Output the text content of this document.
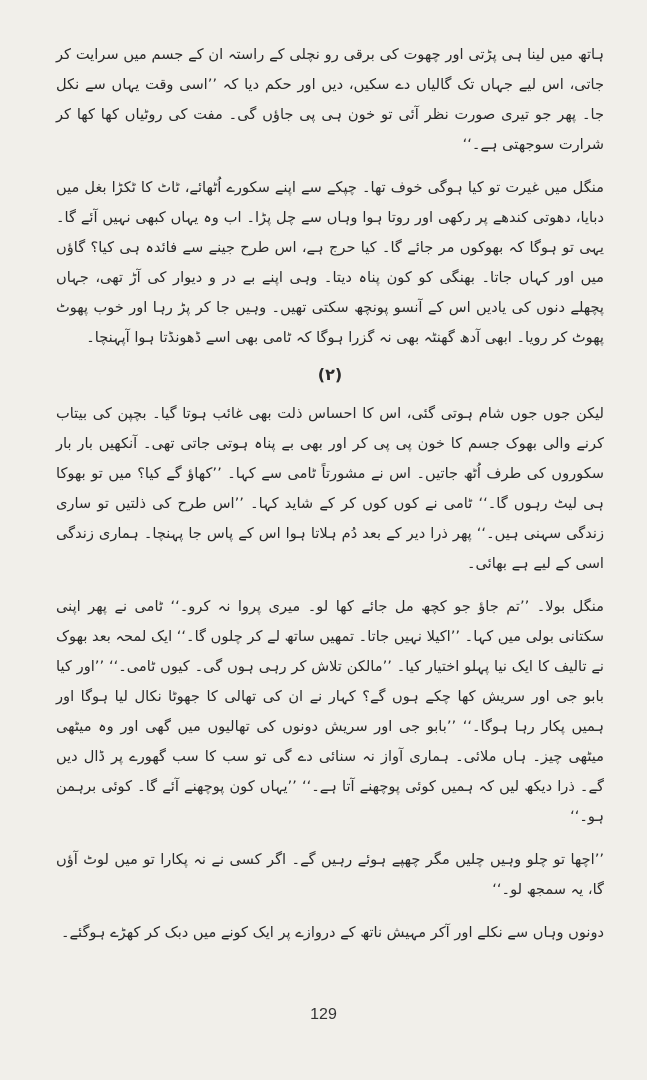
ہاتھ میں لینا ہی پڑتی اور چھوت کی برقی رو نچلی کے راستہ ان کے جسم میں سرایت کر جاتی، اس لیے جہاں تک گالیاں دے سکیں، دیں اور حکم دیا کہ ’’اسی وقت یہاں سے نکل جا۔ پھر جو تیری صورت نظر آئی تو خون ہی پی جاؤں گی۔ مفت کی روٹیاں کھا کھا کر شرارت سوجھتی ہے۔‘‘

منگل میں غیرت تو کیا ہوگی خوف تھا۔ چپکے سے اپنے سکورے اُٹھائے، ٹاٹ کا ٹکڑا بغل میں دبایا، دھوتی کندھے پر رکھی اور روتا ہوا وہاں سے چل پڑا۔ اب وہ یہاں کبھی نہیں آئے گا۔ یہی تو ہوگا کہ بھوکوں مر جائے گا۔ کیا حرج ہے، اس طرح جینے سے فائدہ ہی کیا؟ گاؤں میں اور کہاں جاتا۔ بھنگی کو کون پناہ دیتا۔ وہی اپنے بے در و دیوار کی آڑ تھی، جہاں پچھلے دنوں کی یادیں اس کے آنسو پونچھ سکتی تھیں۔ وہیں جا کر پڑ رہا اور خوب پھوٹ پھوٹ کر رویا۔ ابھی آدھ گھنٹہ بھی نہ گزرا ہوگا کہ ٹامی بھی اسے ڈھونڈتا ہوا آپہنچا۔

(۲)

لیکن جوں جوں شام ہوتی گئی، اس کا احساس ذلت بھی غائب ہوتا گیا۔ بچپن کی بیتاب کرنے والی بھوک جسم کا خون پی پی کر اور بھی بے پناہ ہوتی جاتی تھی۔ آنکھیں بار بار سکوروں کی طرف اُٹھ جاتیں۔ اس نے مشورتاً ٹامی سے کہا۔ ’’کھاؤ گے کیا؟ میں تو بھوکا ہی لیٹ رہوں گا۔‘‘ ٹامی نے کوں کوں کر کے شاید کہا۔ ’’اس طرح کی ذلتیں تو ساری زندگی سہنی ہیں۔‘‘ پھر ذرا دیر کے بعد دُم ہلاتا ہوا اس کے پاس جا پہنچا۔ ہماری زندگی اسی کے لیے ہے بھائی۔

منگل بولا۔ ’’تم جاؤ جو کچھ مل جائے کھا لو۔ میری پروا نہ کرو۔‘‘ ٹامی نے پھر اپنی سکتانی بولی میں کہا۔ ’’اکیلا نہیں جاتا۔ تمھیں ساتھ لے کر چلوں گا۔‘‘ ایک لمحہ بعد بھوک نے تالیف کا ایک نیا پہلو اختیار کیا۔ ’’مالکن تلاش کر رہی ہوں گی۔ کیوں ٹامی۔‘‘ ’’اور کیا بابو جی اور سریش کھا چکے ہوں گے؟ کہار نے ان کی تھالی کا جھوٹا نکال لیا ہوگا اور ہمیں پکار رہا ہوگا۔‘‘ ’’بابو جی اور سریش دونوں کی تھالیوں میں گھی اور وہ میٹھی میٹھی چیز۔ ہاں ملائی۔ ہماری آواز نہ سنائی دے گی تو سب کا سب گھورے پر ڈال دیں گے۔ ذرا دیکھ لیں کہ ہمیں کوئی پوچھنے آتا ہے۔‘‘ ’’یہاں کون پوچھنے آئے گا۔ کوئی برہمن ہو۔‘‘

’’اچھا تو چلو وہیں چلیں مگر چھپے ہوئے رہیں گے۔ اگر کسی نے نہ پکارا تو میں لوٹ آؤں گا، یہ سمجھ لو۔‘‘

دونوں وہاں سے نکلے اور آکر مہیش ناتھ کے دروازے پر ایک کونے میں دبک کر کھڑے ہوگئے۔

129
